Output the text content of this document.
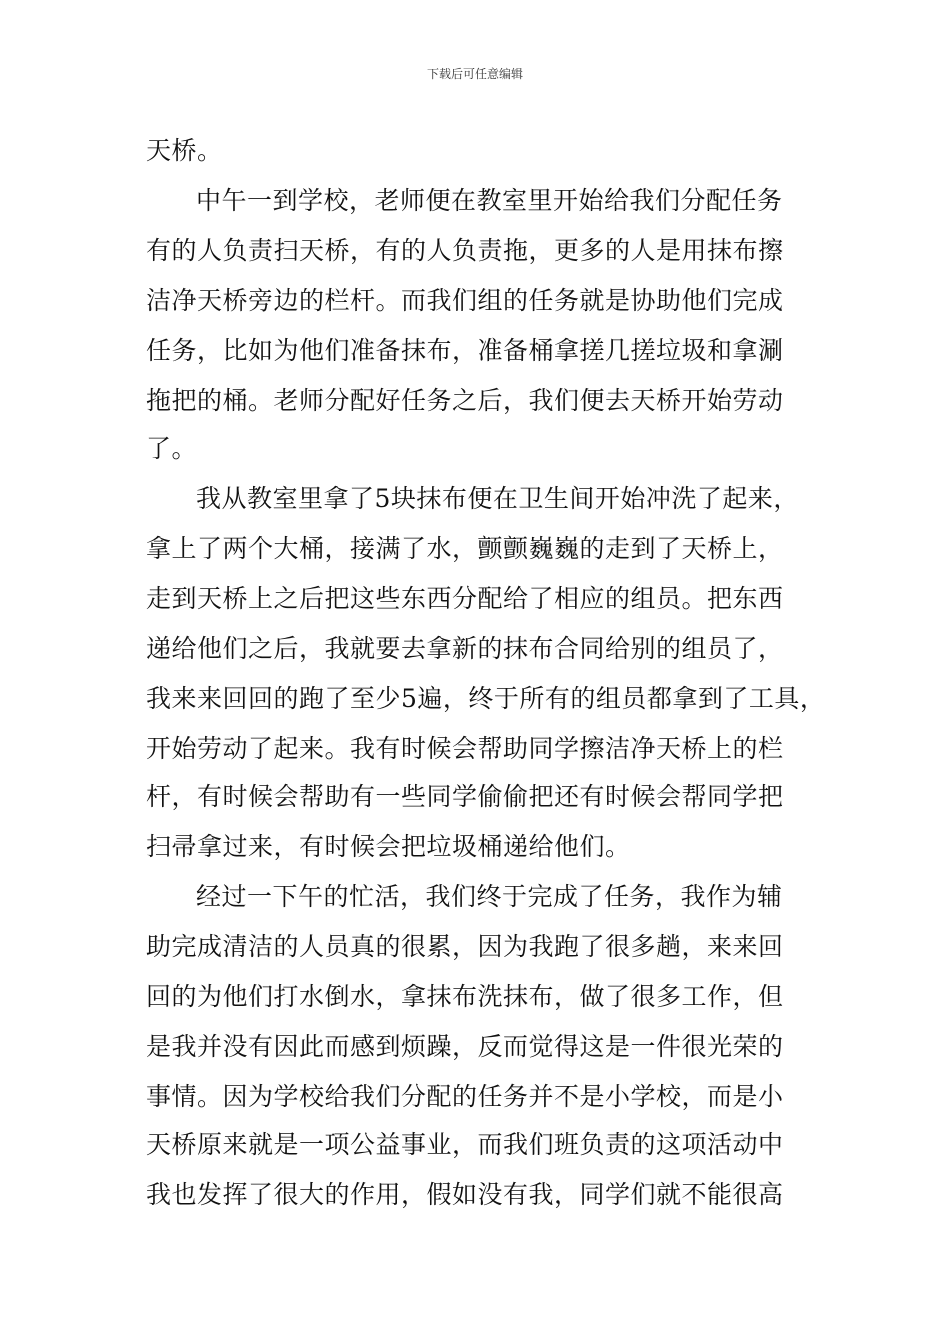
下载后可任意编辑
天桥。
中午一到学校，老师便在教室里开始给我们分配任务
有的人负责扫天桥，有的人负责拖，更多的人是用抹布擦
洁净天桥旁边的栏杆。而我们组的任务就是协助他们完成
任务，比如为他们准备抹布，准备桶拿搓几搓垃圾和拿涮
拖把的桶。老师分配好任务之后，我们便去天桥开始劳动
了。
我从教室里拿了5块抹布便在卫生间开始冲洗了起来，
拿上了两个大桶，接满了水，颤颤巍巍的走到了天桥上，
走到天桥上之后把这些东西分配给了相应的组员。把东西
递给他们之后，我就要去拿新的抹布合同给别的组员了，
我来来回回的跑了至少5遍，终于所有的组员都拿到了工具，
开始劳动了起来。我有时候会帮助同学擦洁净天桥上的栏
杆，有时候会帮助有一些同学偷偷把还有时候会帮同学把
扫帚拿过来，有时候会把垃圾桶递给他们。
经过一下午的忙活，我们终于完成了任务，我作为辅
助完成清洁的人员真的很累，因为我跑了很多趟，来来回
回的为他们打水倒水，拿抹布洗抹布，做了很多工作，但
是我并没有因此而感到烦躁，反而觉得这是一件很光荣的
事情。因为学校给我们分配的任务并不是小学校，而是小
天桥原来就是一项公益事业，而我们班负责的这项活动中
我也发挥了很大的作用，假如没有我，同学们就不能很高
